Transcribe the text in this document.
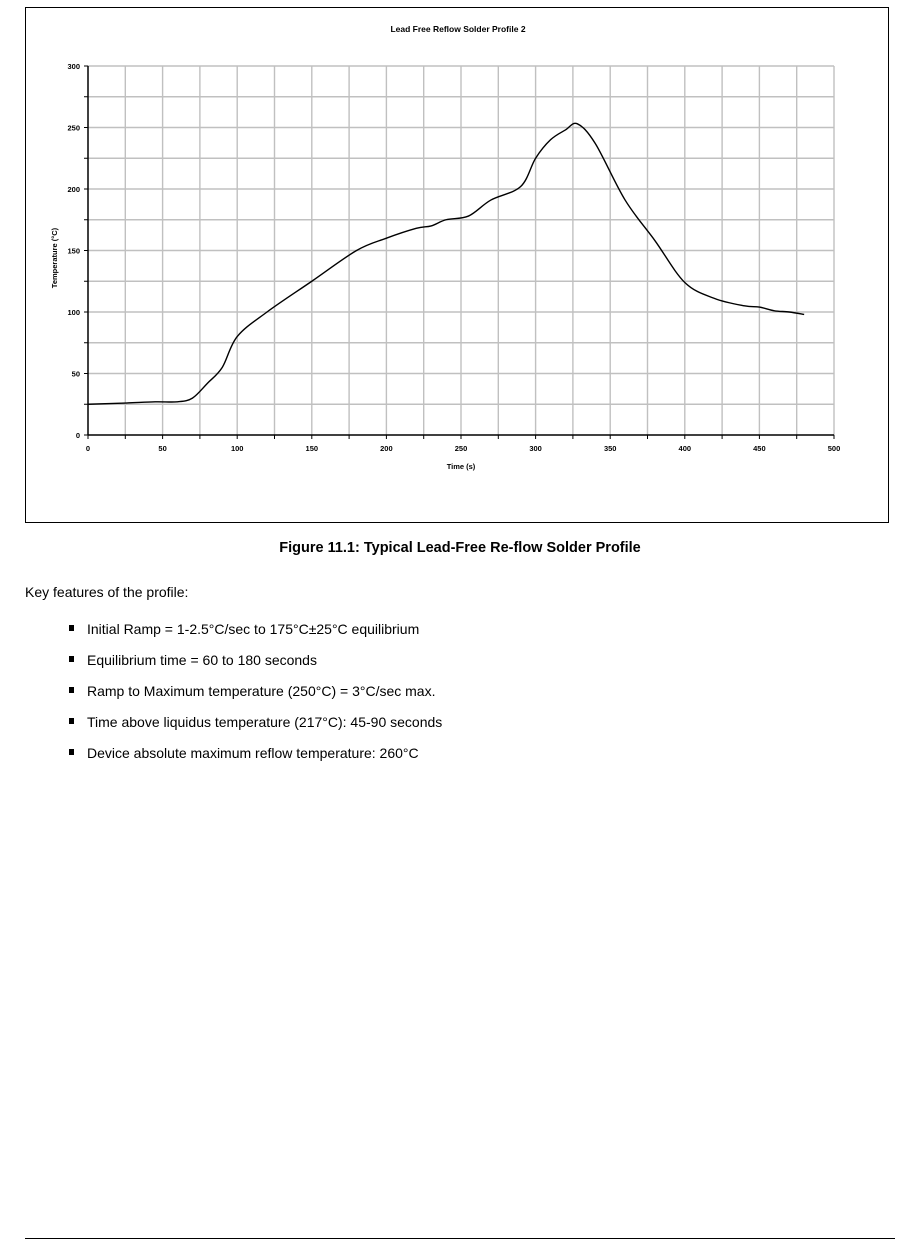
Lead Free Reflow Solder Profile 2
Temperature (°C)
Time (s)
0	50	100	150	200	250	300	350	400	450	500
0
50
100
150
200
250
300
Figure 11.1: Typical Lead-Free Re-flow Solder Profile
Key features of the profile:
Initial Ramp = 1-2.5°C/sec to 175°C±25°C equilibrium
Equilibrium time = 60 to 180 seconds
Ramp to Maximum temperature (250°C) = 3°C/sec max.
Time above liquidus temperature (217°C): 45-90 seconds
Device absolute maximum reflow temperature: 260°C
